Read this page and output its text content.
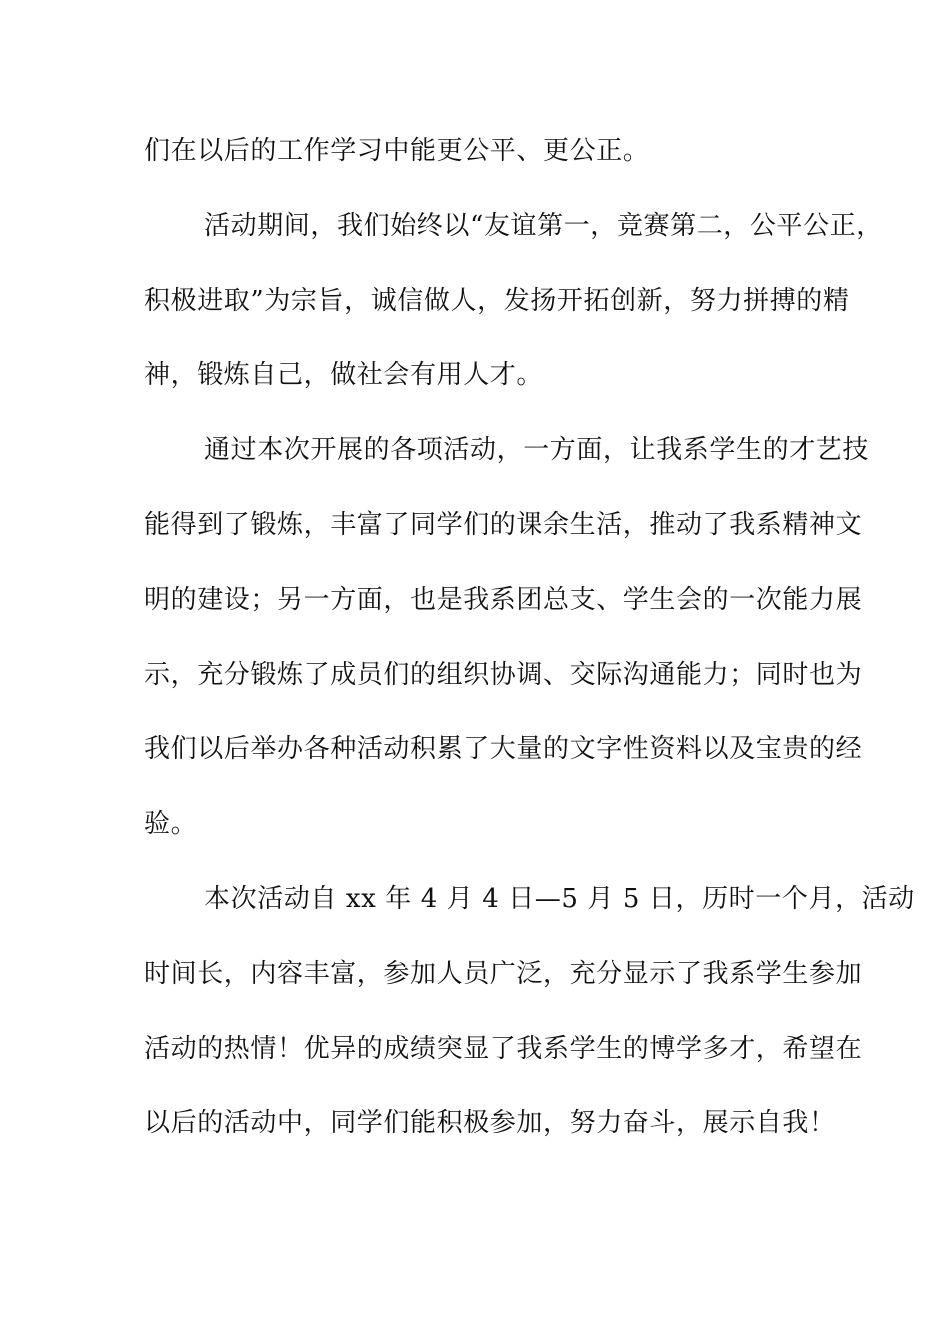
们在以后的工作学习中能更公平、更公正。
活动期间，我们始终以“友谊第一，竞赛第二，公平公正，
积极进取”为宗旨，诚信做人，发扬开拓创新，努力拼搏的精
神，锻炼自己，做社会有用人才。
通过本次开展的各项活动，一方面，让我系学生的才艺技
能得到了锻炼，丰富了同学们的课余生活，推动了我系精神文
明的建设；另一方面，也是我系团总支、学生会的一次能力展
示，充分锻炼了成员们的组织协调、交际沟通能力；同时也为
我们以后举办各种活动积累了大量的文字性资料以及宝贵的经
验。
本次活动自 xx 年 4 月 4 日—5 月 5 日，历时一个月，活动
时间长，内容丰富，参加人员广泛，充分显示了我系学生参加
活动的热情！优异的成绩突显了我系学生的博学多才，希望在
以后的活动中，同学们能积极参加，努力奋斗，展示自我！
